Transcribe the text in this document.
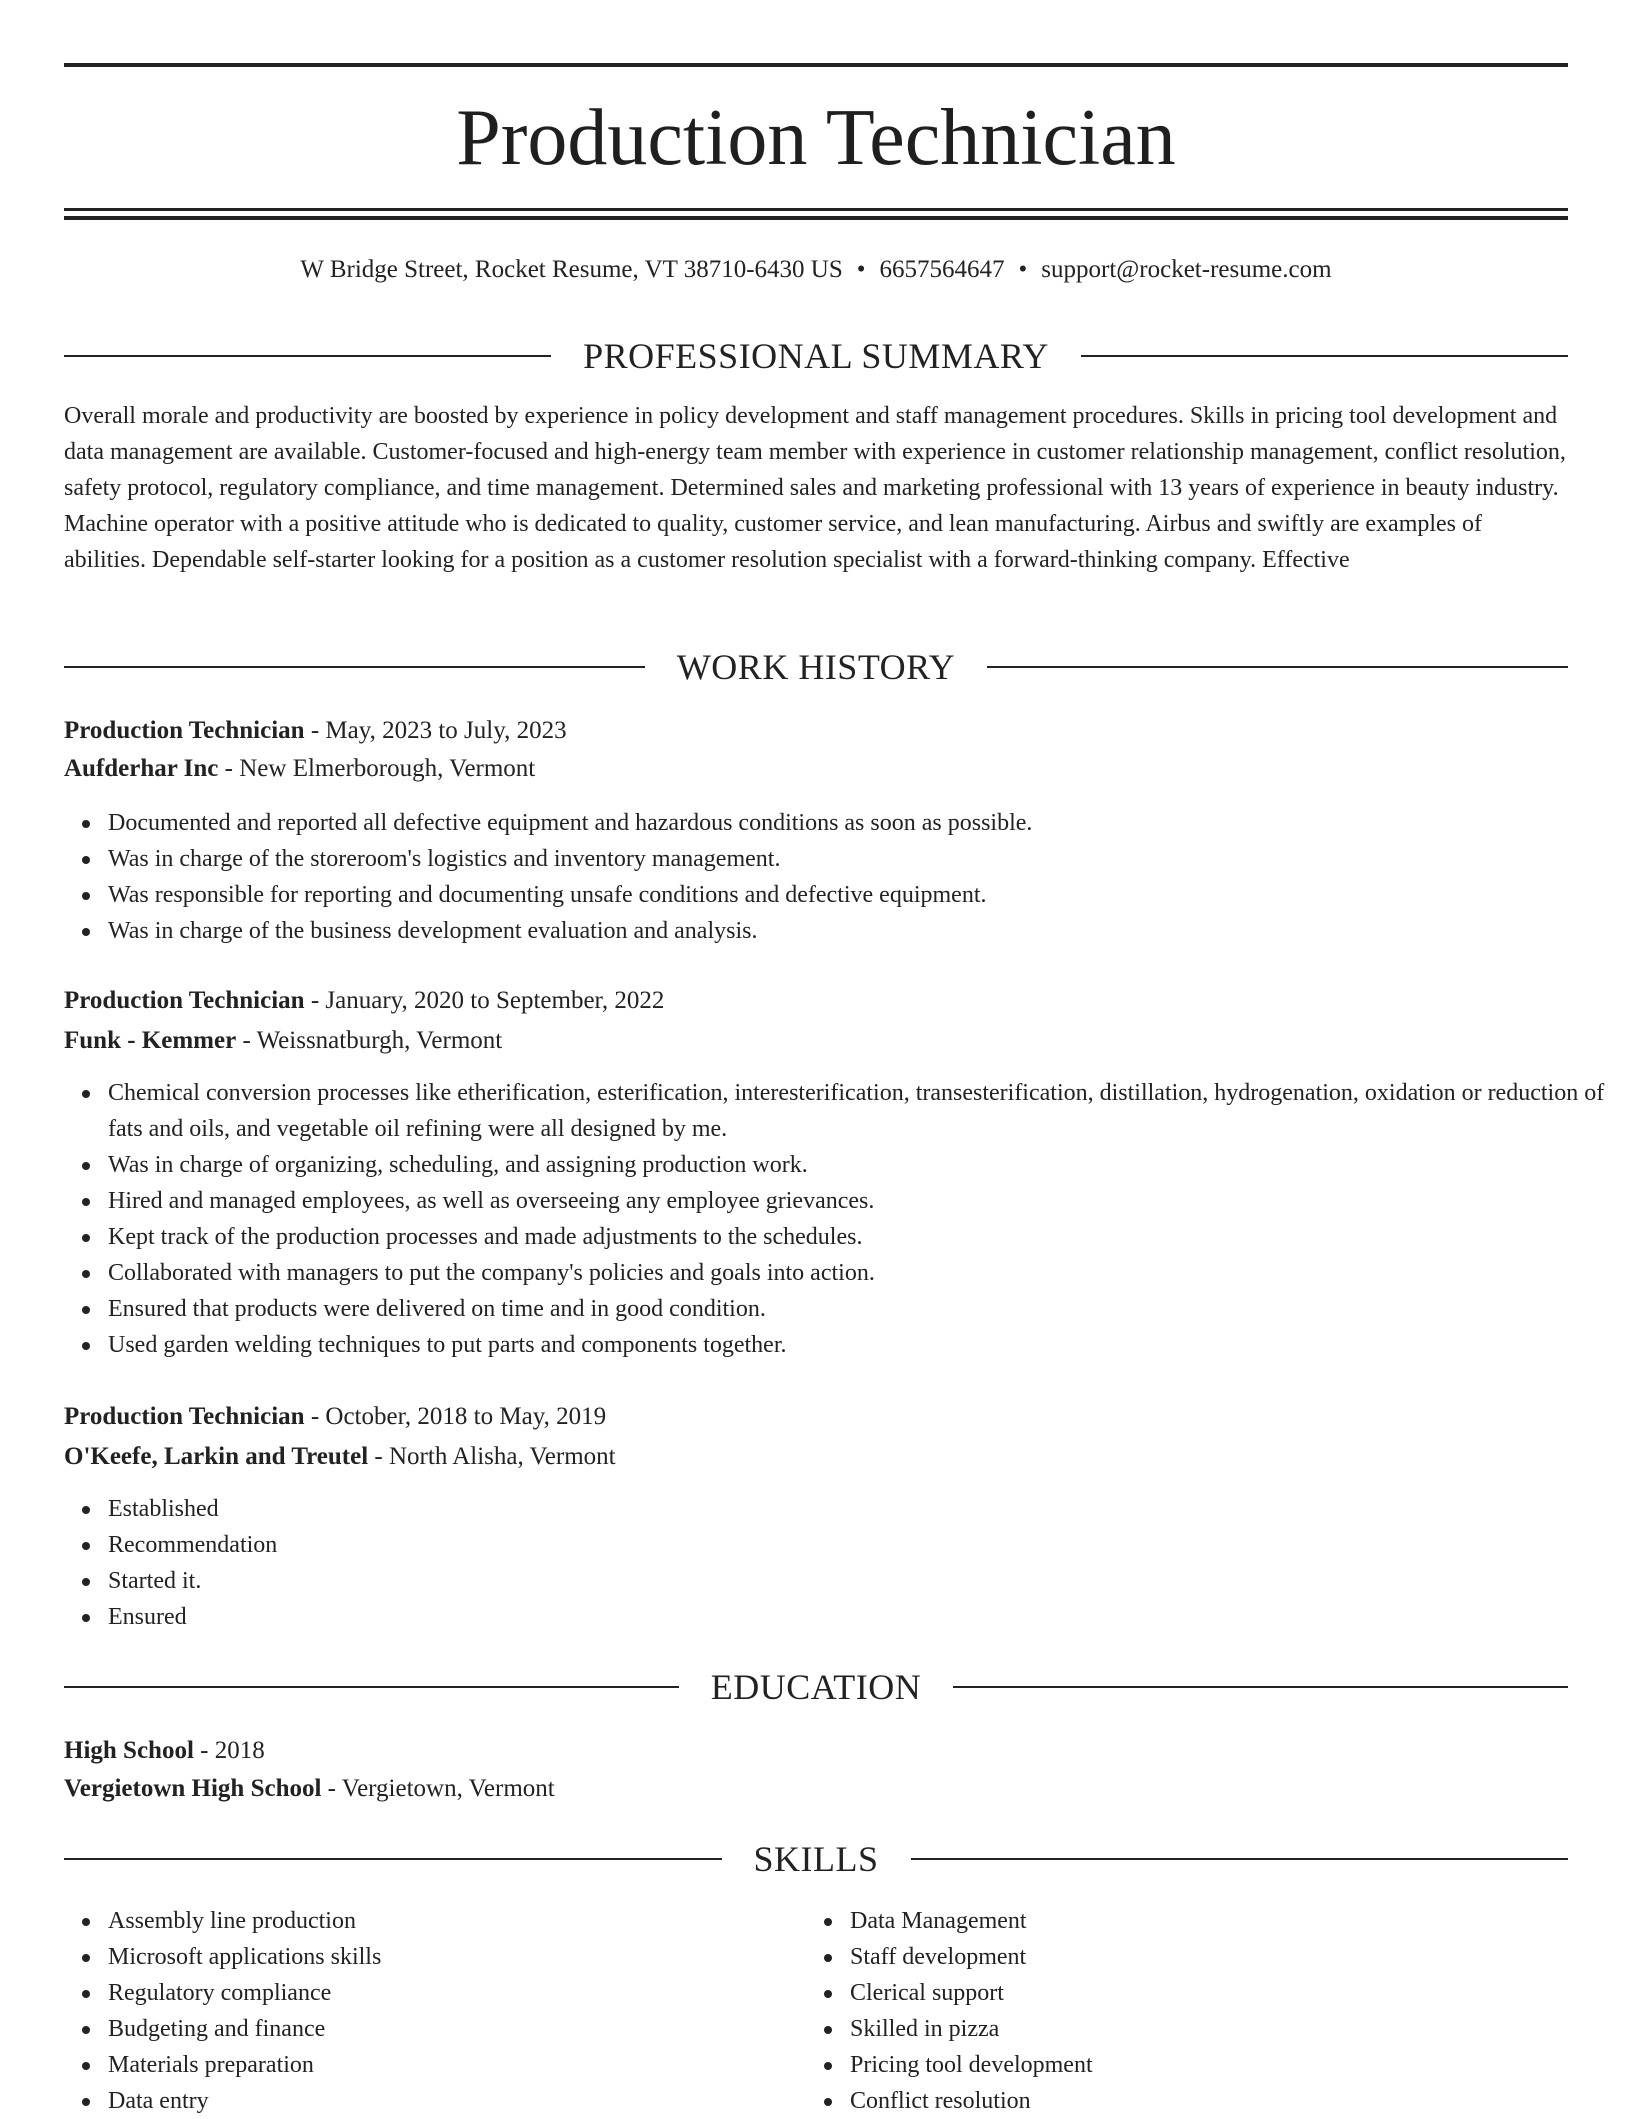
Production Technician
W Bridge Street, Rocket Resume, VT 38710-6430 US • 6657564647 • support@rocket-resume.com
PROFESSIONAL SUMMARY

Overall morale and productivity are boosted by experience in policy development and staff management procedures. Skills in pricing tool development and data management are available. Customer-focused and high-energy team member with experience in customer relationship management, conflict resolution, safety protocol, regulatory compliance, and time management. Determined sales and marketing professional with 13 years of experience in beauty industry. Machine operator with a positive attitude who is dedicated to quality, customer service, and lean manufacturing. Airbus and swiftly are examples of abilities. Dependable self-starter looking for a position as a customer resolution specialist with a forward-thinking company. Effective

WORK HISTORY
Production Technician - May, 2023 to July, 2023
Aufderhar Inc - New Elmerborough, Vermont
Documented and reported all defective equipment and hazardous conditions as soon as possible.
Was in charge of the storeroom's logistics and inventory management.
Was responsible for reporting and documenting unsafe conditions and defective equipment.
Was in charge of the business development evaluation and analysis.
Production Technician - January, 2020 to September, 2022
Funk - Kemmer - Weissnatburgh, Vermont
Chemical conversion processes like etherification, esterification, interesterification, transesterification, distillation, hydrogenation, oxidation or reduction of fats and oils, and vegetable oil refining were all designed by me.
Was in charge of organizing, scheduling, and assigning production work.
Hired and managed employees, as well as overseeing any employee grievances.
Kept track of the production processes and made adjustments to the schedules.
Collaborated with managers to put the company's policies and goals into action.
Ensured that products were delivered on time and in good condition.
Used garden welding techniques to put parts and components together.
Production Technician - October, 2018 to May, 2019
O'Keefe, Larkin and Treutel - North Alisha, Vermont
Established
Recommendation
Started it.
Ensured
EDUCATION
High School - 2018
Vergietown High School - Vergietown, Vermont
SKILLS
Assembly line production
Microsoft applications skills
Regulatory compliance
Budgeting and finance
Materials preparation
Data entry
Data Management
Staff development
Clerical support
Skilled in pizza
Pricing tool development
Conflict resolution
